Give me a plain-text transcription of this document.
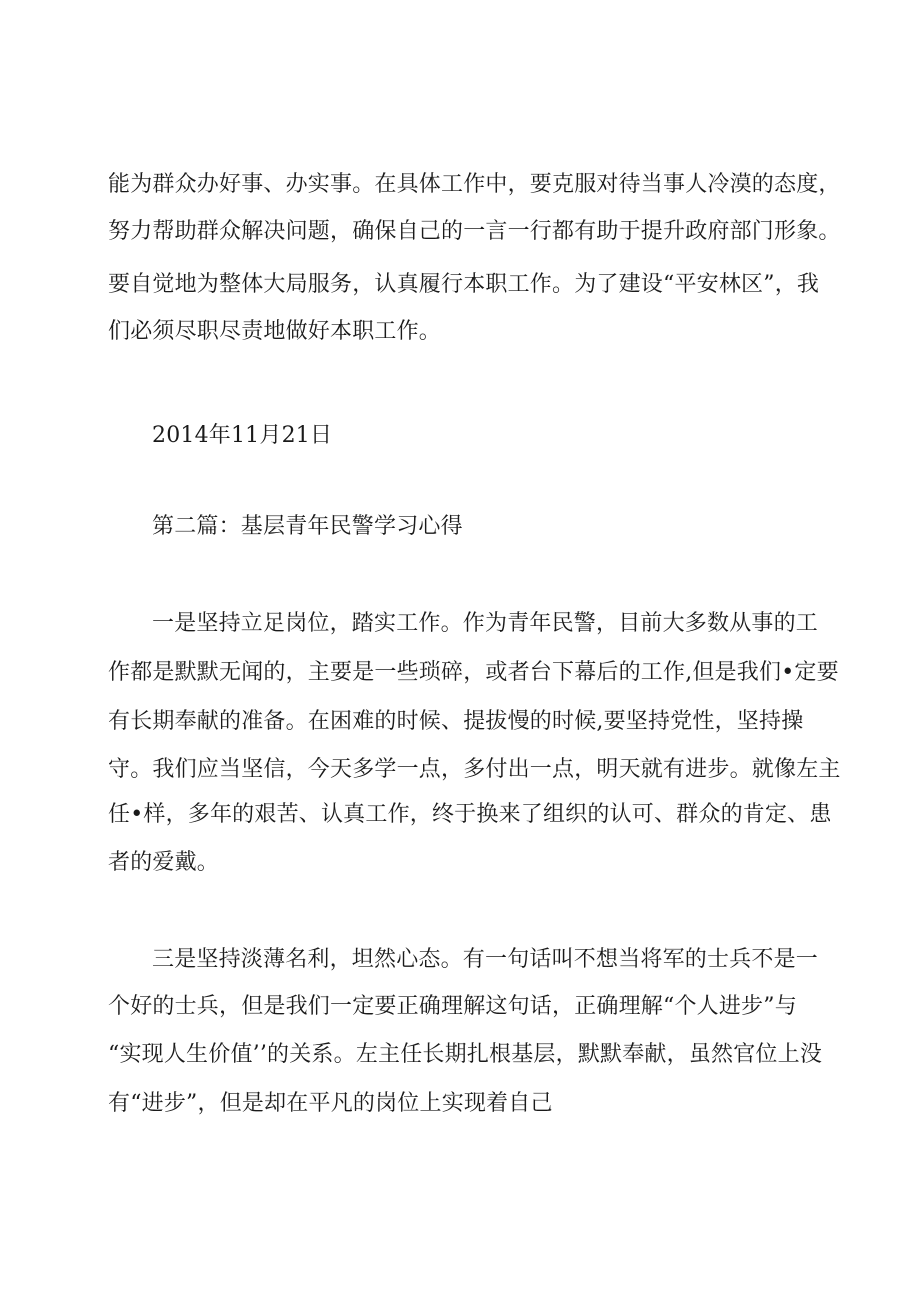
能为群众办好事、办实事。在具体工作中，要克服对待当事人冷漠的态度，
努力帮助群众解决问题，确保自己的一言一行都有助于提升政府部门形象。
要自觉地为整体大局服务，认真履行本职工作。为了建设“平安林区”，我
们必须尽职尽责地做好本职工作。
2014年11月21日
第二篇：基层青年民警学习心得
一是坚持立足岗位，踏实工作。作为青年民警，目前大多数从事的工
作都是默默无闻的，主要是一些琐碎，或者台下幕后的工作,但是我们•定要
有长期奉献的准备。在困难的时候、提拔慢的时候,要坚持党性，坚持操
守。我们应当坚信，今天多学一点，多付出一点，明天就有进步。就像左主
任•样，多年的艰苦、认真工作，终于换来了组织的认可、群众的肯定、患
者的爱戴。
三是坚持淡薄名利，坦然心态。有一句话叫不想当将军的士兵不是一
个好的士兵，但是我们一定要正确理解这句话，正确理解“个人进步”与
“实现人生价值’’的关系。左主任长期扎根基层，默默奉献，虽然官位上没
有“进步”，但是却在平凡的岗位上实现着自己
